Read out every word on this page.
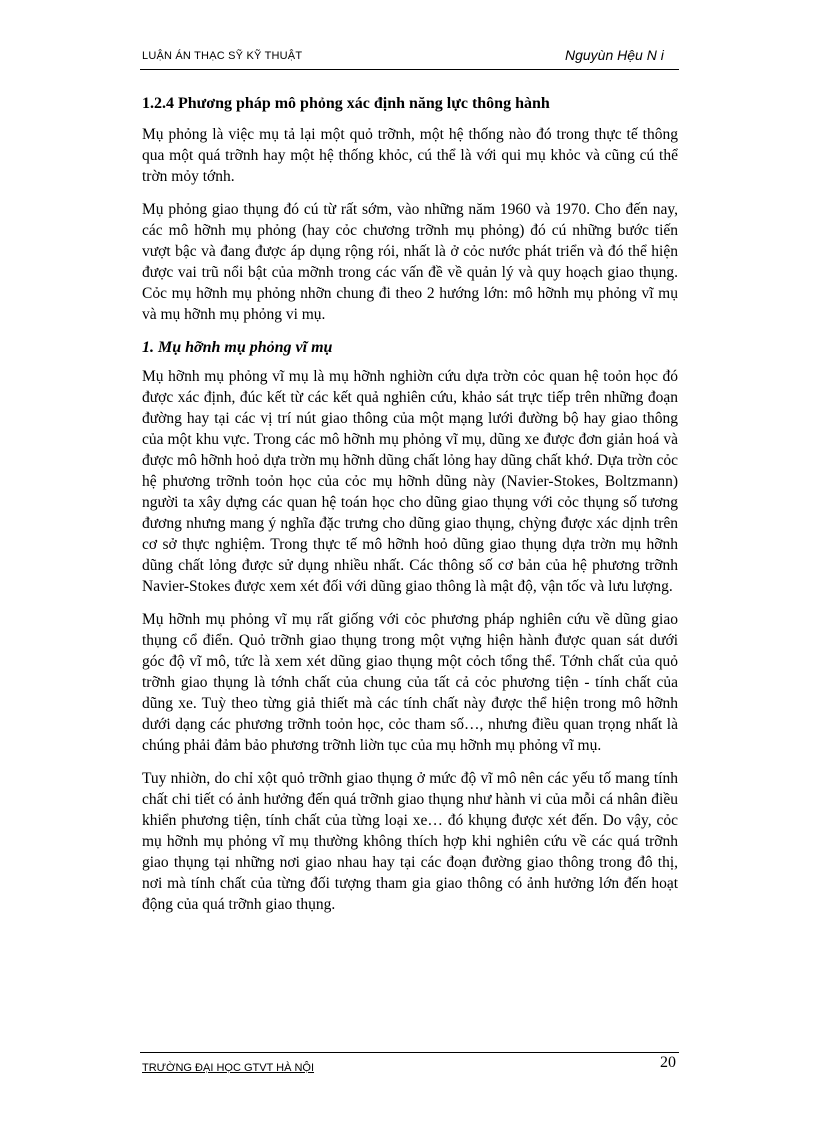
LUẬN ÁN THẠC SỸ KỸ THUẬT	Nguyùn Hệu N i
1.2.4 Phương pháp mô phỏng xác định năng lực thông hành

Mụ phỏng là việc mụ tả lại một quỏ trỡnh, một hệ thống nào đó trong thực tế thông qua một quá trỡnh hay một hệ thống khỏc, cú thể là với qui mụ khỏc và cũng cú thể trờn mỏy tớnh.

Mụ phỏng giao thụng đó cú từ rất sớm, vào những năm 1960 và 1970. Cho đến nay, các mô hỡnh mụ phỏng (hay cỏc chương trỡnh mụ phỏng) đó cú những bước tiến vượt bậc và đang được áp dụng rộng rói, nhất là ở cỏc nước phát triển và đó thể hiện được vai trũ nổi bật của mỡnh trong các vấn đề về quản lý và quy hoạch giao thụng. Cỏc mụ hỡnh mụ phỏng nhỡn chung đi theo 2 hướng lớn: mô hỡnh mụ phỏng vĩ mụ và mụ hỡnh mụ phỏng vi mụ.

1. Mụ hỡnh mụ phỏng vĩ mụ

Mụ hỡnh mụ phỏng vĩ mụ là mụ hỡnh nghiờn cứu dựa trờn cỏc quan hệ toỏn học đó được xác định, đúc kết từ các kết quả nghiên cứu, khảo sát trực tiếp trên những đoạn đường hay tại các vị trí nút giao thông của một mạng lưới đường bộ hay giao thông của một khu vực. Trong các mô hỡnh mụ phỏng vĩ mụ, dũng xe được đơn giản hoá và được mô hỡnh hoỏ dựa trờn mụ hỡnh dũng chất lỏng hay dũng chất khớ. Dựa trờn cỏc hệ phương trỡnh toỏn học của cỏc mụ hỡnh dũng này (Navier-Stokes, Boltzmann) người ta xây dựng các quan hệ toán học cho dũng giao thụng với cỏc thụng số tương đương nhưng mang ý nghĩa đặc trưng cho dũng giao thụng, chỳng được xác dịnh trên cơ sở thực nghiệm. Trong thực tế mô hỡnh hoỏ dũng giao thụng dựa trờn mụ hỡnh dũng chất lỏng được sử dụng nhiều nhất. Các thông số cơ bản của hệ phương trỡnh Navier-Stokes được xem xét đối với dũng giao thông là mật độ, vận tốc và lưu lượng.

Mụ hỡnh mụ phỏng vĩ mụ rất giống với cỏc phương pháp nghiên cứu về dũng giao thụng cổ điển. Quỏ trỡnh giao thụng trong một vựng hiện hành được quan sát dưới góc độ vĩ mô, tức là xem xét dũng giao thụng một cỏch tổng thể. Tớnh chất của quỏ trỡnh giao thụng là tớnh chất của chung của tất cả cỏc phương tiện - tính chất của dũng xe. Tuỳ theo từng giả thiết mà các tính chất này được thể hiện trong mô hỡnh dưới dạng các phương trỡnh toỏn học, cỏc tham số…, nhưng điều quan trọng nhất là chúng phải đảm bảo phương trỡnh liờn tục của mụ hỡnh mụ phỏng vĩ mụ.

Tuy nhiờn, do chỉ xột quỏ trỡnh giao thụng ở mức độ vĩ mô nên các yếu tố mang tính chất chi tiết có ảnh hưởng đến quá trỡnh giao thụng như hành vi của mỗi cá nhân điều khiển phương tiện, tính chất của từng loại xe… đó khụng được xét đến. Do vậy, cỏc mụ hỡnh mụ phỏng vĩ mụ thường không thích hợp khi nghiên cứu về các quá trỡnh giao thụng tại những nơi giao nhau hay tại các đoạn đường giao thông trong đô thị, nơi mà tính chất của từng đối tượng tham gia giao thông có ảnh hưởng lớn đến hoạt động của quá trỡnh giao thụng.

TRƯỜNG ĐẠI HỌC GTVT HÀ NỘI	20
